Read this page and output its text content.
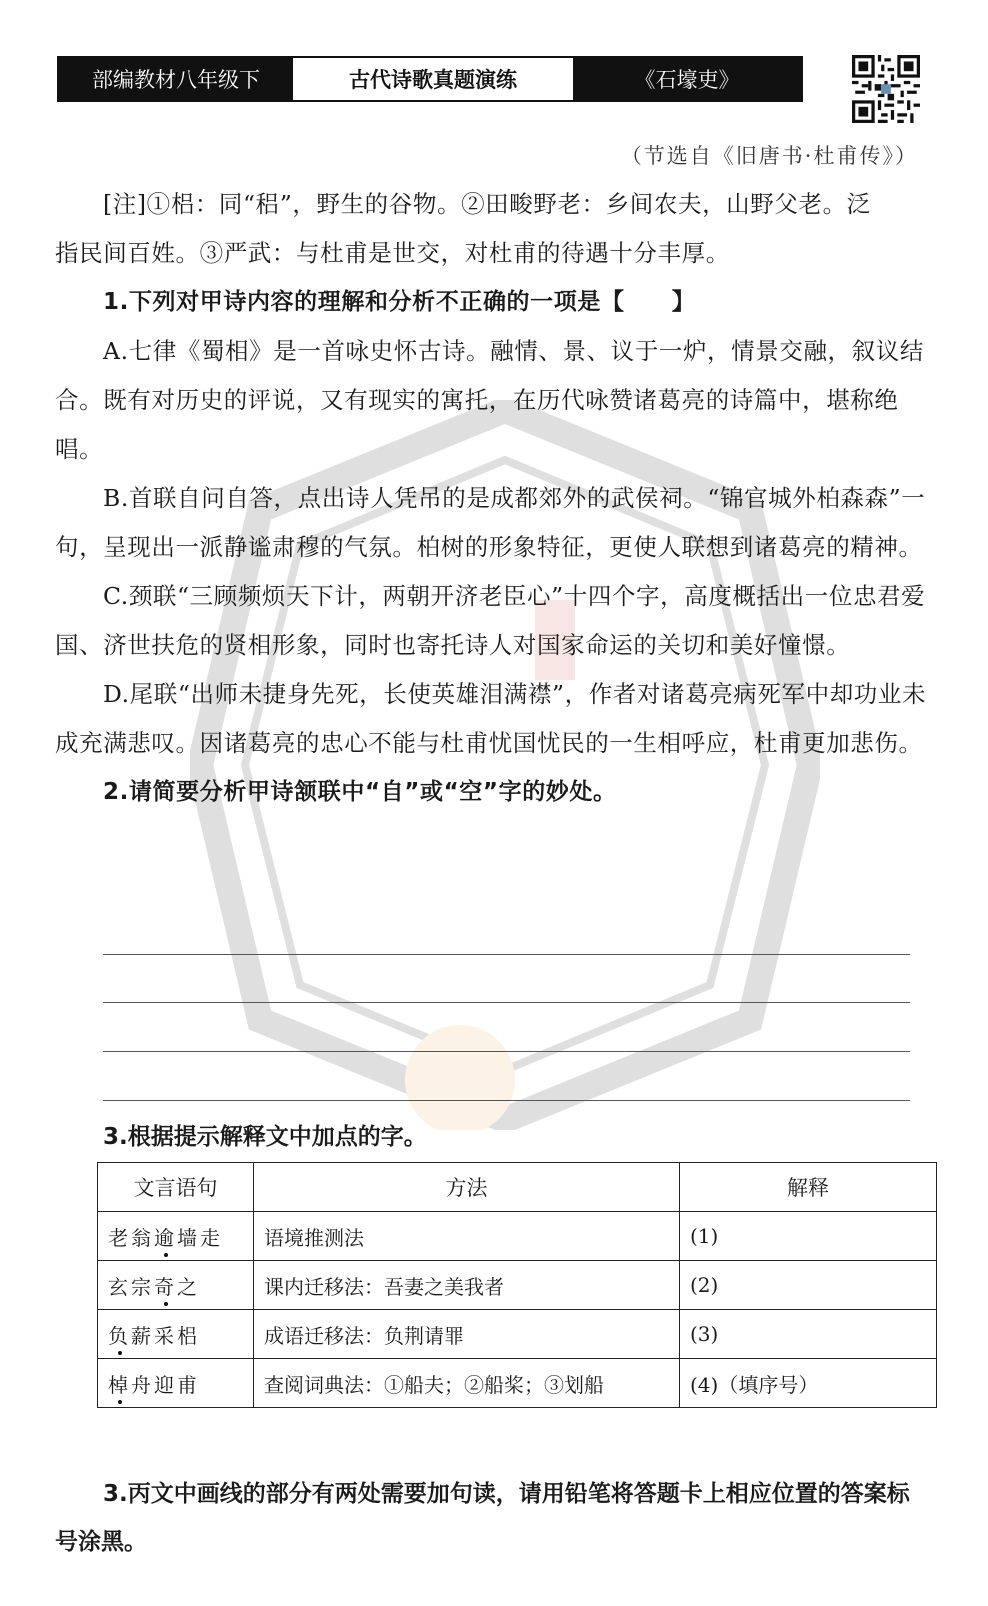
部编教材八年级下	古代诗歌真题演练	《石壕吏》
（节选自《旧唐书·杜甫传》）

[注]①梠：同“稆”，野生的谷物。②田畯野老：乡间农夫，山野父老。泛

指民间百姓。③严武：与杜甫是世交，对杜甫的待遇十分丰厚。

1.下列对甲诗内容的理解和分析不正确的一项是【　　】

A.七律《蜀相》是一首咏史怀古诗。融情、景、议于一炉，情景交融，叙议结合。既有对历史的评说，又有现实的寓托，在历代咏赞诸葛亮的诗篇中，堪称绝唱。

B.首联自问自答，点出诗人凭吊的是成都郊外的武侯祠。“锦官城外柏森森”一句，呈现出一派静谧肃穆的气氛。柏树的形象特征，更使人联想到诸葛亮的精神。

C.颈联“三顾频烦天下计，两朝开济老臣心”十四个字，高度概括出一位忠君爱国、济世扶危的贤相形象，同时也寄托诗人对国家命运的关切和美好憧憬。

D.尾联“出师未捷身先死，长使英雄泪满襟”，作者对诸葛亮病死军中却功业未成充满悲叹。因诸葛亮的忠心不能与杜甫忧国忧民的一生相呼应，杜甫更加悲伤。

2.请简要分析甲诗颔联中“自”或“空”字的妙处。

3.根据提示解释文中加点的字。
文言语句	方法	解释
老翁逾墙走	语境推测法	(1)
玄宗奇之	课内迁移法：吾妻之美我者	(2)
负薪采梠	成语迁移法：负荆请罪	(3)
棹舟迎甫	查阅词典法：①船夫；②船桨；③划船	(4)（填序号）
3.丙文中画线的部分有两处需要加句读，请用铅笔将答题卡上相应位置的答案标号涂黑。
